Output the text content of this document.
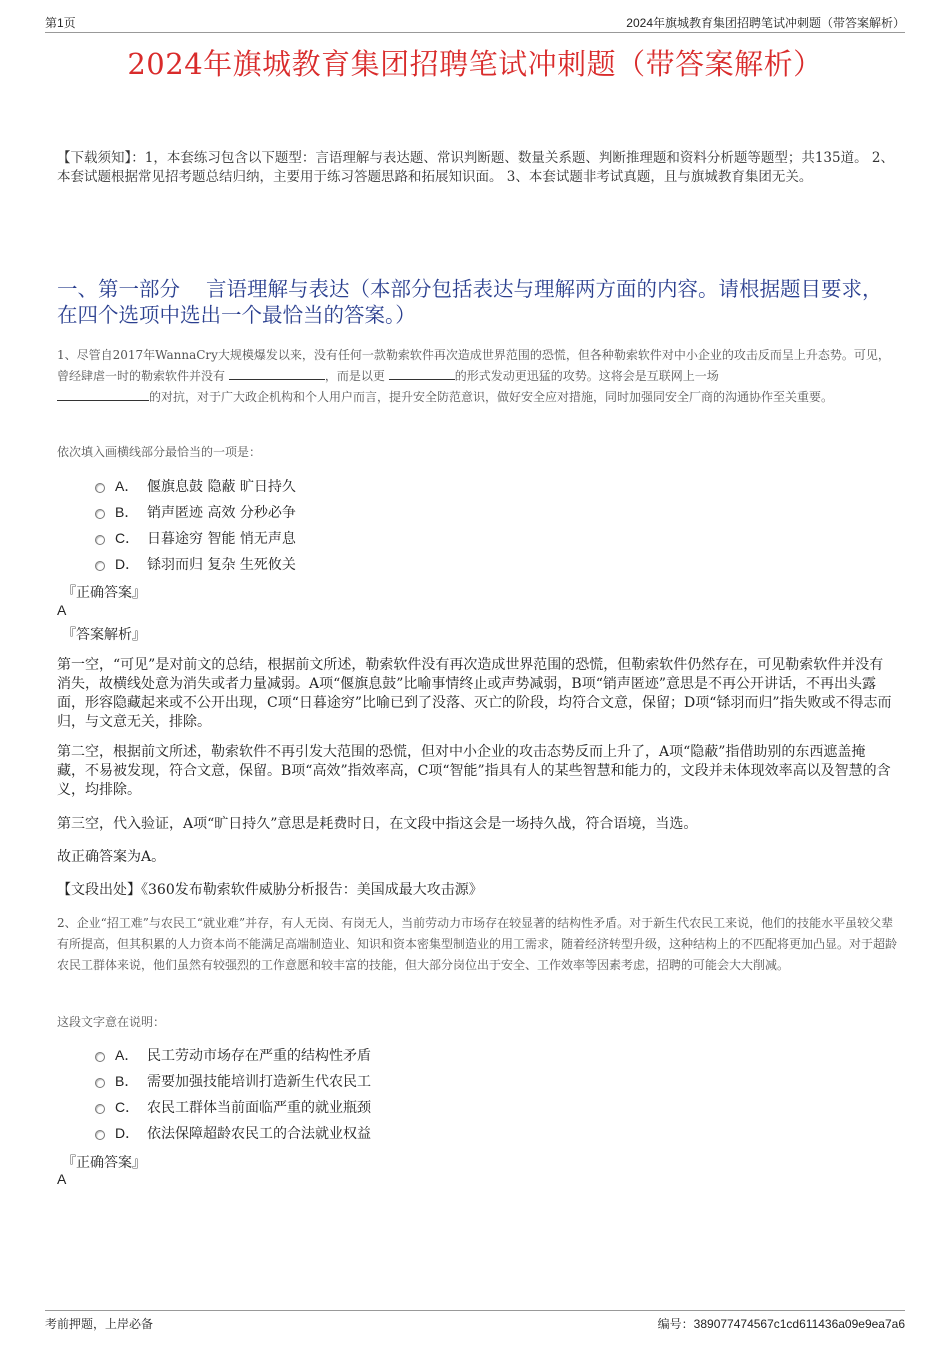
第1页	2024年旗城教育集团招聘笔试冲刺题（带答案解析）
2024年旗城教育集团招聘笔试冲刺题（带答案解析）
【下载须知】：1，本套练习包含以下题型：言语理解与表达题、常识判断题、数量关系题、判断推理题和资料分析题等题型；共135道。 2、本套试题根据常见招考题总结归纳，主要用于练习答题思路和拓展知识面。 3、本套试题非考试真题，且与旗城教育集团无关。
一、第一部分 言语理解与表达（本部分包括表达与理解两方面的内容。请根据题目要求，在四个选项中选出一个最恰当的答案。）
1、尽管自2017年WannaCry大规模爆发以来，没有任何一款勒索软件再次造成世界范围的恐慌，但各种勒索软件对中小企业的攻击反而呈上升态势。可见，曾经肆虐一时的勒索软件并没有	，而是以更	的形式发动更迅猛的攻势。这将会是互联网上一场
的对抗，对于广大政企机构和个人用户而言，提升安全防范意识，做好安全应对措施，同时加强同安全厂商的沟通协作至关重要。
依次填入画横线部分最恰当的一项是：
A． 偃旗息鼓 隐蔽 旷日持久
B． 销声匿迹 高效 分秒必争
C． 日暮途穷 智能 悄无声息
D． 铩羽而归 复杂 生死攸关
『正确答案』
A
『答案解析』
第一空，“可见”是对前文的总结，根据前文所述，勒索软件没有再次造成世界范围的恐慌，但勒索软件仍然存在，可见勒索软件并没有消失，故横线处意为消失或者力量减弱。A项“偃旗息鼓”比喻事情终止或声势减弱，B项“销声匿迹”意思是不再公开讲话，不再出头露面，形容隐藏起来或不公开出现，C项“日暮途穷”比喻已到了没落、灭亡的阶段，均符合文意，保留；D项“铩羽而归”指失败或不得志而归，与文意无关，排除。
第二空，根据前文所述，勒索软件不再引发大范围的恐慌，但对中小企业的攻击态势反而上升了，A项“隐蔽”指借助别的东西遮盖掩藏，不易被发现，符合文意，保留。B项“高效”指效率高，C项“智能”指具有人的某些智慧和能力的，文段并未体现效率高以及智慧的含义，均排除。
第三空，代入验证，A项“旷日持久”意思是耗费时日，在文段中指这会是一场持久战，符合语境，当选。
故正确答案为A。
【文段出处】《360发布勒索软件威胁分析报告：美国成最大攻击源》
2、企业“招工难”与农民工“就业难”并存，有人无岗、有岗无人，当前劳动力市场存在较显著的结构性矛盾。对于新生代农民工来说，他们的技能水平虽较父辈有所提高，但其积累的人力资本尚不能满足高端制造业、知识和资本密集型制造业的用工需求，随着经济转型升级，这种结构上的不匹配将更加凸显。对于超龄农民工群体来说，他们虽然有较强烈的工作意愿和较丰富的技能，但大部分岗位出于安全、工作效率等因素考虑，招聘的可能会大大削减。
这段文字意在说明：
A． 民工劳动市场存在严重的结构性矛盾
B． 需要加强技能培训打造新生代农民工
C． 农民工群体当前面临严重的就业瓶颈
D． 依法保障超龄农民工的合法就业权益
『正确答案』
A
考前押题，上岸必备	编号：389077474567c1cd611436a09e9ea7a6
